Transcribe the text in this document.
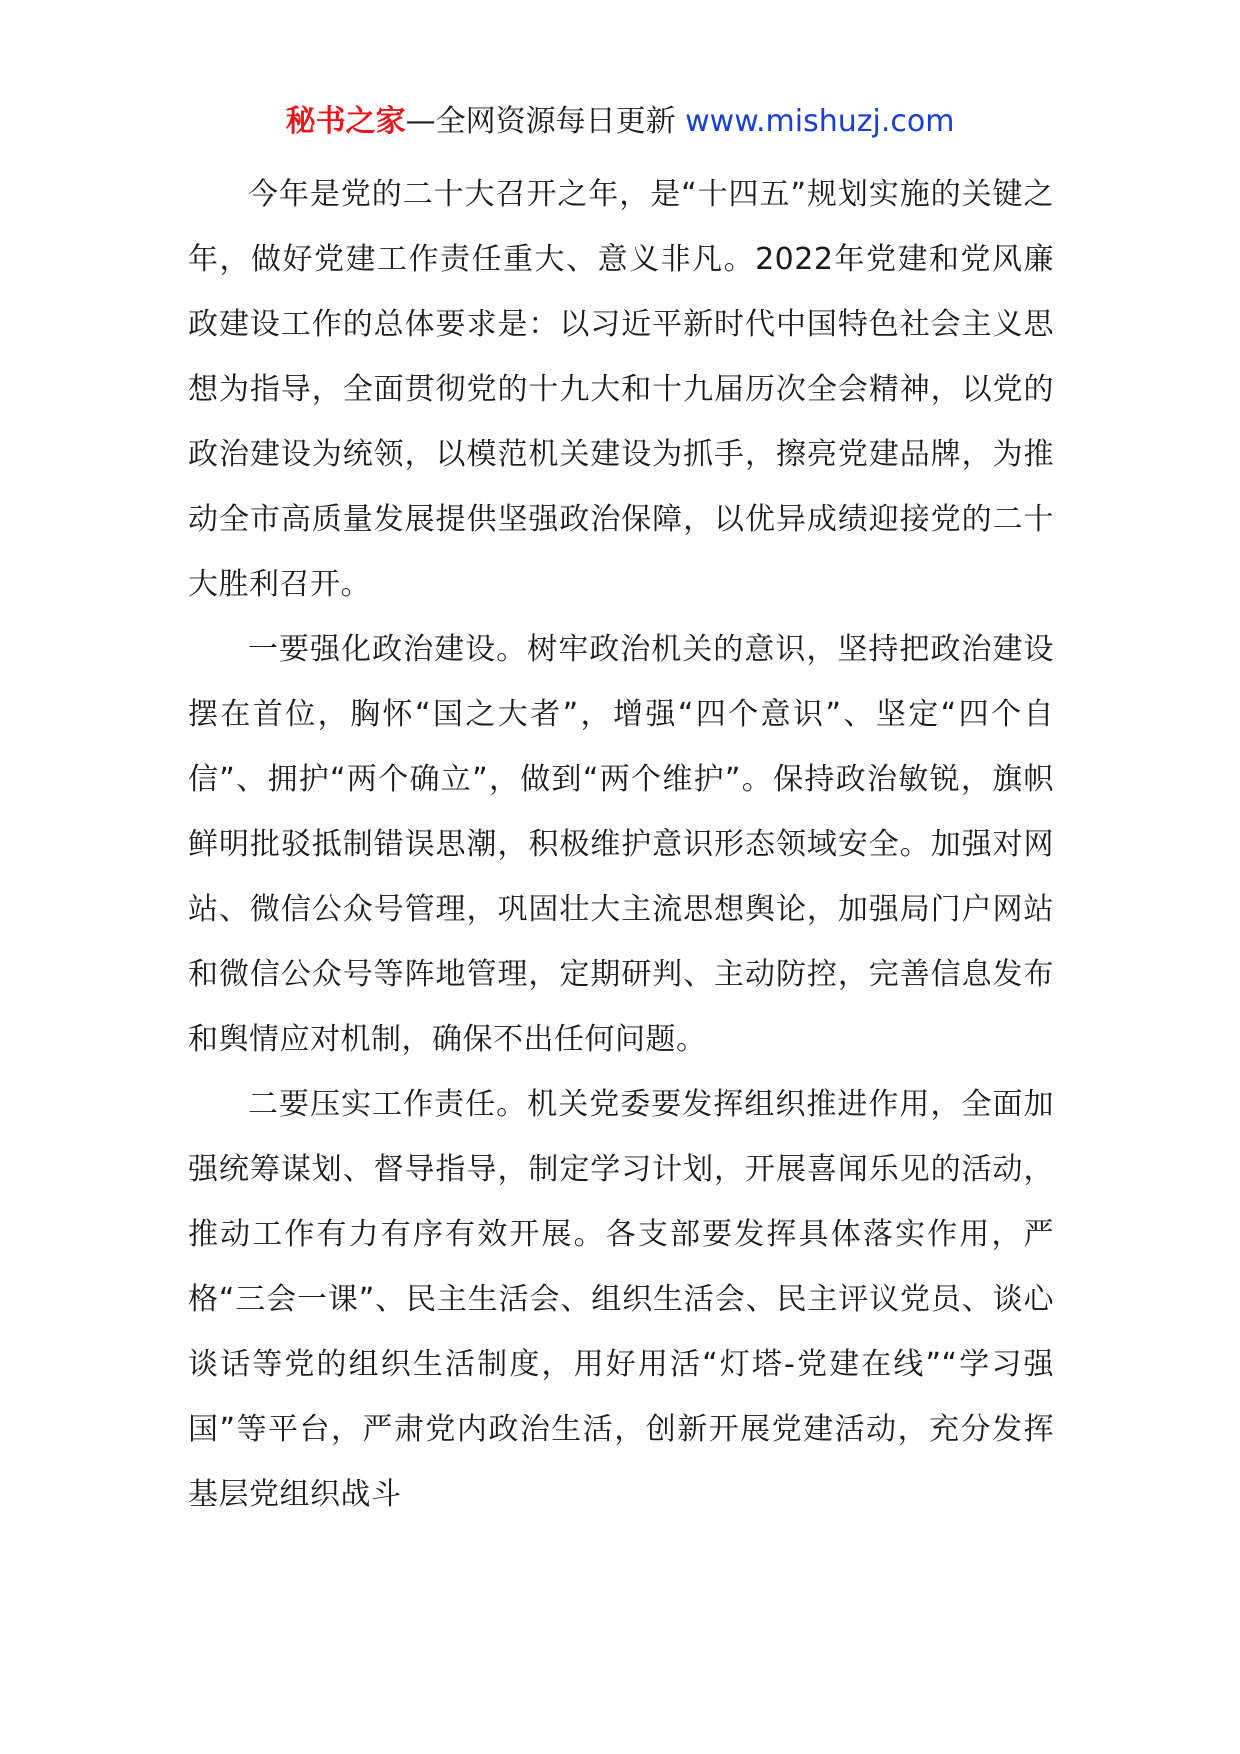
秘书之家—全网资源每日更新 www.mishuzj.com

今年是党的二十大召开之年，是“十四五”规划实施的关键之年，做好党建工作责任重大、意义非凡。2022年党建和党风廉政建设工作的总体要求是：以习近平新时代中国特色社会主义思想为指导，全面贯彻党的十九大和十九届历次全会精神，以党的政治建设为统领，以模范机关建设为抓手，擦亮党建品牌，为推动全市高质量发展提供坚强政治保障，以优异成绩迎接党的二十大胜利召开。

一要强化政治建设。树牢政治机关的意识，坚持把政治建设摆在首位，胸怀“国之大者”，增强“四个意识”、坚定“四个自信”、拥护“两个确立”，做到“两个维护”。保持政治敏锐，旗帜鲜明批驳抵制错误思潮，积极维护意识形态领域安全。加强对网站、微信公众号管理，巩固壮大主流思想舆论，加强局门户网站和微信公众号等阵地管理，定期研判、主动防控，完善信息发布和舆情应对机制，确保不出任何问题。

二要压实工作责任。机关党委要发挥组织推进作用，全面加强统筹谋划、督导指导，制定学习计划，开展喜闻乐见的活动，推动工作有力有序有效开展。各支部要发挥具体落实作用，严格“三会一课”、民主生活会、组织生活会、民主评议党员、谈心谈话等党的组织生活制度，用好用活“灯塔-党建在线”“学习强国”等平台，严肃党内政治生活，创新开展党建活动，充分发挥基层党组织战斗
